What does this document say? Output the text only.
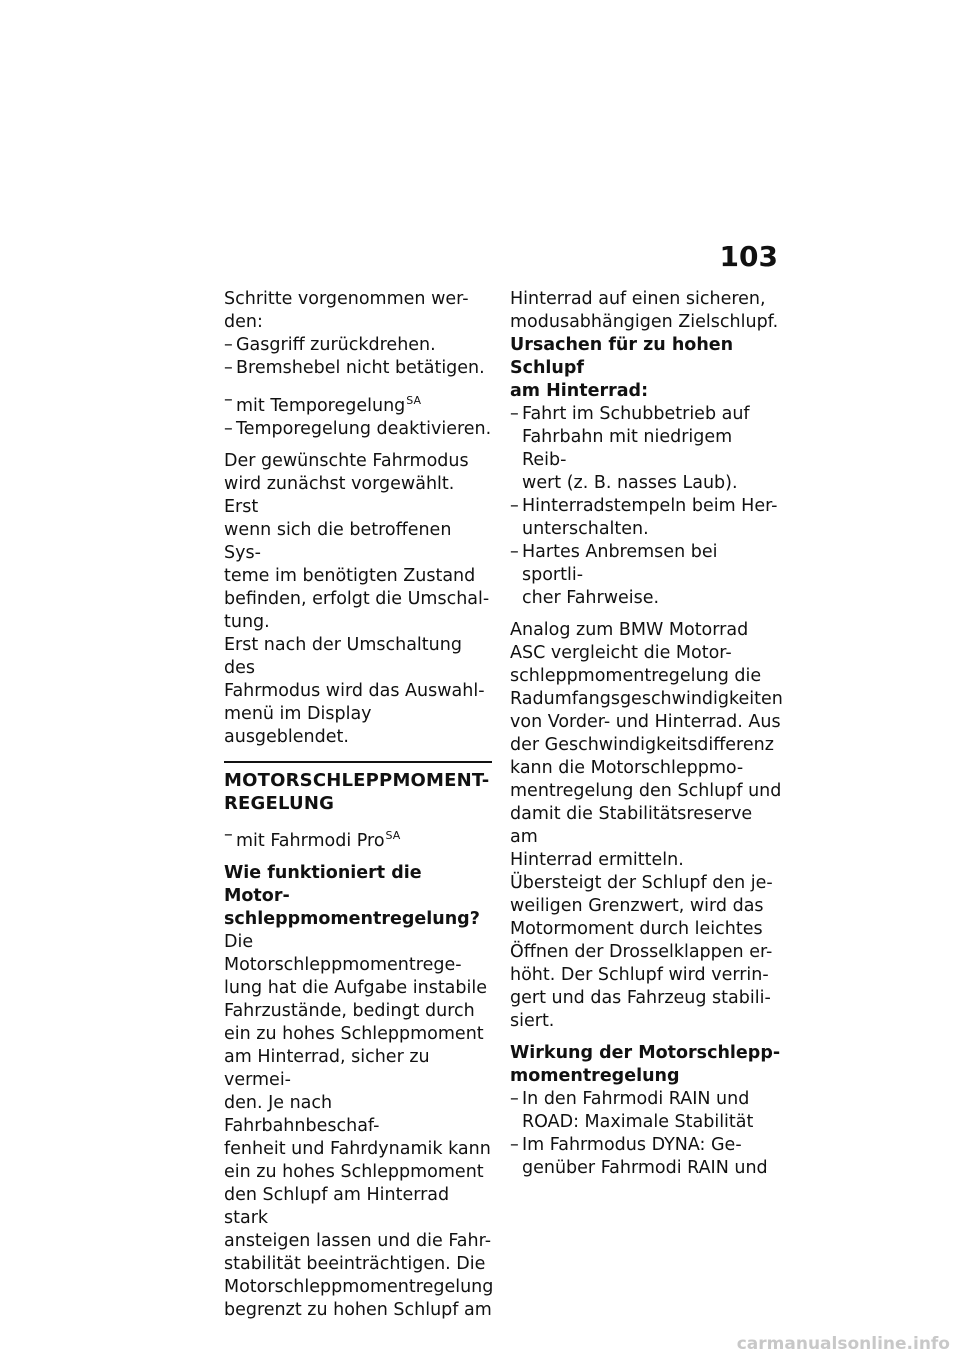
103
Schritte vorgenommen wer-
den:
– Gasgriff zurückdrehen.
– Bremshebel nicht betätigen.
– mit Temporegelung$^{SA}$
– Temporegelung deaktivieren.
Der gewünschte Fahrmodus
wird zunächst vorgewählt. Erst
wenn sich die betroffenen Sys-
teme im benötigten Zustand
befinden, erfolgt die Umschal-
tung.
Erst nach der Umschaltung des
Fahrmodus wird das Auswahl-
menü im Display ausgeblendet.
MOTORSCHLEPPMOMENT-
REGELUNG
– mit Fahrmodi Pro$^{SA}$
Wie funktioniert die Motor-
schleppmomentregelung?
Die Motorschleppmomentrege-
lung hat die Aufgabe instabile
Fahrzustände, bedingt durch
ein zu hohes Schleppmoment
am Hinterrad, sicher zu vermei-
den. Je nach Fahrbahnbeschaf-
fenheit und Fahrdynamik kann
ein zu hohes Schleppmoment
den Schlupf am Hinterrad stark
ansteigen lassen und die Fahr-
stabilität beeinträchtigen. Die
Motorschleppmomentregelung
begrenzt zu hohen Schlupf am
Hinterrad auf einen sicheren,
modusabhängigen Zielschlupf.
Ursachen für zu hohen Schlupf
am Hinterrad:
– Fahrt im Schubbetrieb auf
Fahrbahn mit niedrigem Reib-
wert (z. B. nasses Laub).
– Hinterradstempeln beim Her-
unterschalten.
– Hartes Anbremsen bei sportli-
cher Fahrweise.
Analog zum BMW Motorrad
ASC vergleicht die Motor-
schleppmomentregelung die
Radumfangsgeschwindigkeiten
von Vorder- und Hinterrad. Aus
der Geschwindigkeitsdifferenz
kann die Motorschleppmo-
mentregelung den Schlupf und
damit die Stabilitätsreserve am
Hinterrad ermitteln.
Übersteigt der Schlupf den je-
weiligen Grenzwert, wird das
Motormoment durch leichtes
Öffnen der Drosselklappen er-
höht. Der Schlupf wird verrin-
gert und das Fahrzeug stabili-
siert.
Wirkung der Motorschlepp-
momentregelung
– In den Fahrmodi RAIN und
ROAD: Maximale Stabilität
– Im Fahrmodus DYNA: Ge-
genüber Fahrmodi RAIN und
carmanualsonline.info
